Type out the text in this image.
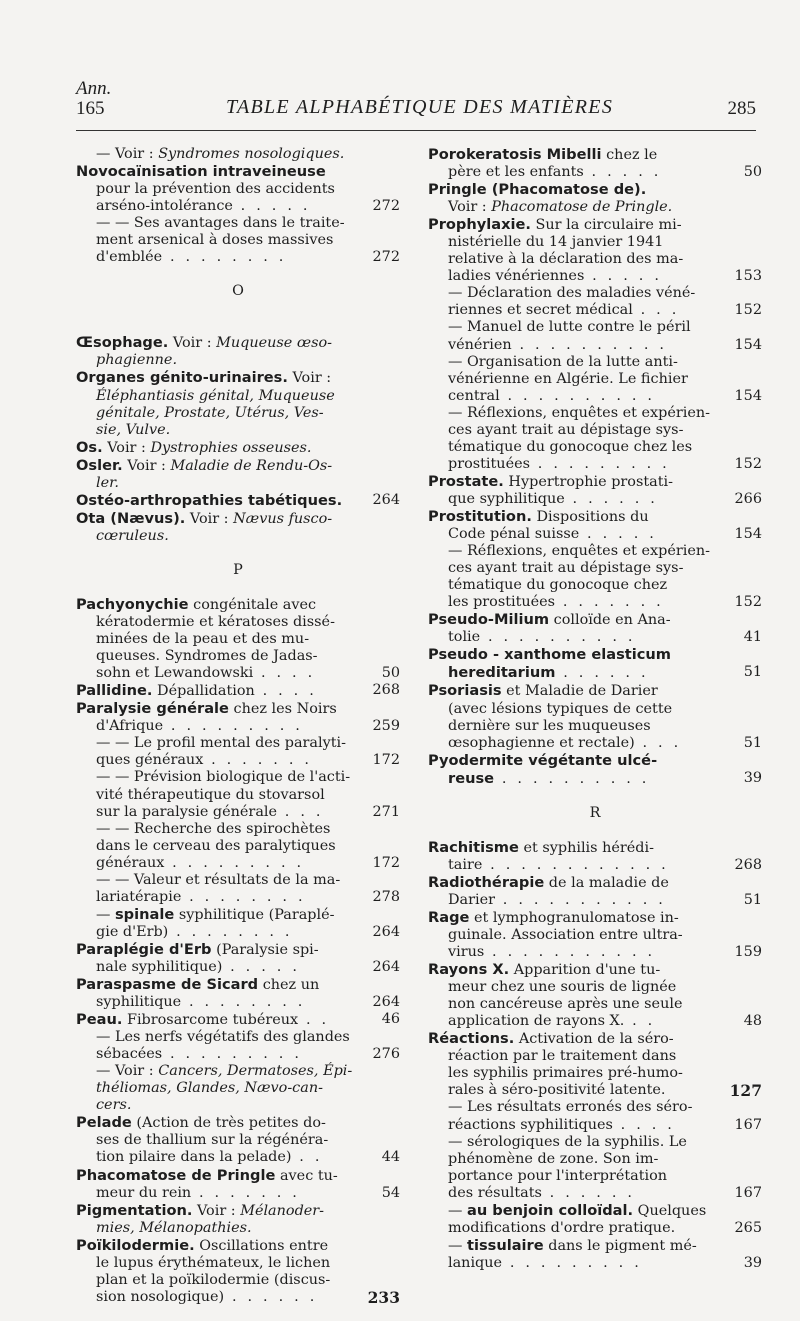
Ann.
165	TABLE ALPHABÉTIQUE DES MATIÈRES	285

— Voir : Syndromes nosologiques.

Novocaïnisation intraveineuse

pour la prévention des accidents

arséno-intolérance . . . . .	272

— — Ses avantages dans le traite-

ment arsenical à doses massives

d'emblée . . . . . . . .	272

O

Œsophage. Voir : Muqueuse œso-

phagienne.

Organes génito-urinaires. Voir :

Éléphantiasis génital, Muqueuse

génitale, Prostate, Utérus, Ves-

sie, Vulve.

Os. Voir : Dystrophies osseuses.

Osler. Voir : Maladie de Rendu-Os-

ler.

Ostéo-arthropathies tabétiques. 264

Ota (Nævus). Voir : Nævus fusco-

cœruleus.

P

Pachyonychie congénitale avec

kératodermie et kératoses dissé-

minées de la peau et des mu-

queuses. Syndromes de Jadas-

sohn et Lewandowski . . . .	50

Pallidine. Dépallidation . . . .	268

Paralysie générale chez les Noirs

d'Afrique . . . . . . . . .	259

— — Le profil mental des paralyti-

ques généraux . . . . . . .	172

— — Prévision biologique de l'acti-

vité thérapeutique du stovarsol

sur la paralysie générale . . .	271

— — Recherche des spirochètes

dans le cerveau des paralytiques

généraux . . . . . . . . .	172

— — Valeur et résultats de la ma-

lariatérapie . . . . . . . .	278

— spinale syphilitique (Paraplé-

gie d'Erb) . . . . . . . .	264

Paraplégie d'Erb (Paralysie spi-

nale syphilitique) . . . . .	264

Paraspasme de Sicard chez un

syphilitique . . . . . . . .	264

Peau. Fibrosarcome tubéreux . .	46

— Les nerfs végétatifs des glandes

sébacées . . . . . . . . .	276

— Voir : Cancers, Dermatoses, Épi-

théliomas, Glandes, Nævo-can-

cers.

Pelade (Action de très petites do-

ses de thallium sur la régénéra-

tion pilaire dans la pelade) . .	44

Phacomatose de Pringle avec tu-

meur du rein . . . . . . .	54

Pigmentation. Voir : Mélanoder-

mies, Mélanopathies.

Poïkilodermie. Oscillations entre

le lupus érythémateux, le lichen

plan et la poïkilodermie (discus-

sion nosologique) . . . . . .	233

Porokeratosis Mibelli chez le

père et les enfants . . . . .	50

Pringle (Phacomatose de).

Voir : Phacomatose de Pringle.

Prophylaxie. Sur la circulaire mi-

nistérielle du 14 janvier 1941

relative à la déclaration des ma-

ladies vénériennes . . . . .	153

— Déclaration des maladies véné-

riennes et secret médical . . .	152

— Manuel de lutte contre le péril

vénérien . . . . . . . . . .	154

— Organisation de la lutte anti-

vénérienne en Algérie. Le fichier

central . . . . . . . . . .	154

— Réflexions, enquêtes et expérien-

ces ayant trait au dépistage sys-

tématique du gonocoque chez les

prostituées . . . . . . . . .	152

Prostate. Hypertrophie prostati-

que syphilitique . . . . . .	266

Prostitution. Dispositions du

Code pénal suisse . . . . .	154

— Réflexions, enquêtes et expérien-

ces ayant trait au dépistage sys-

tématique du gonocoque chez

les prostituées . . . . . . .	152

Pseudo-Milium colloïde en Ana-

tolie . . . . . . . . . .	41

Pseudo - xanthome elasticum

hereditarium . . . . . .	51

Psoriasis et Maladie de Darier

(avec lésions typiques de cette

dernière sur les muqueuses

œsophagienne et rectale) . . .	51

Pyodermite végétante ulcé-

reuse . . . . . . . . . .	39

R

Rachitisme et syphilis hérédi-

taire . . . . . . . . . . . .	268

Radiothérapie de la maladie de

Darier . . . . . . . . . . .	51

Rage et lymphogranulomatose in-

guinale. Association entre ultra-

virus . . . . . . . . . . .	159

Rayons X. Apparition d'une tu-

meur chez une souris de lignée

non cancéreuse après une seule

application de rayons X. . .	48

Réactions. Activation de la séro-

réaction par le traitement dans

les syphilis primaires pré-humo-

rales à séro-positivité latente.	127

— Les résultats erronés des séro-

réactions syphilitiques . . . .	167

— sérologiques de la syphilis. Le

phénomène de zone. Son im-

portance pour l'interprétation

des résultats . . . . . .	167

— au benjoin colloïdal. Quelques

modifications d'ordre pratique.	265

— tissulaire dans le pigment mé-

lanique . . . . . . . . .	39
